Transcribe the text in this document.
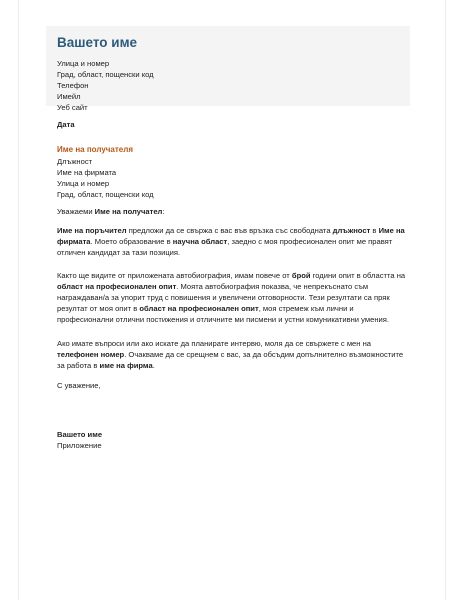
Вашето име
Улица и номер
Град, област, пощенски код
Телефон
Имейл
Уеб сайт
Дата
Име на получателя
Длъжност
Име на фирмата
Улица и номер
Град, област, пощенски код
Уважаеми Име на получател:
Име на поръчител предложи да се свържа с вас във връзка със свободната длъжност в Име на фирмата. Моето образование в научна област, заедно с моя професионален опит ме правят отличен кандидат за тази позиция.
Както ще видите от приложената автобиография, имам повече от брой години опит в областта на област на професионален опит. Моята автобиография показва, че непрекъснато съм награждаван/а за упорит труд с повишения и увеличени отговорности. Тези резултати са пряк резултат от моя опит в област на професионален опит, моя стремеж към лични и професионални отлични постижения и отличните ми писмени и устни комуникативни умения.
Ако имате въпроси или ако искате да планирате интервю, моля да се свържете с мен на телефонен номер. Очакваме да се срещнем с вас, за да обсъдим допълнително възможностите за работа в име на фирма.
С уважение,
Вашето име
Приложение
